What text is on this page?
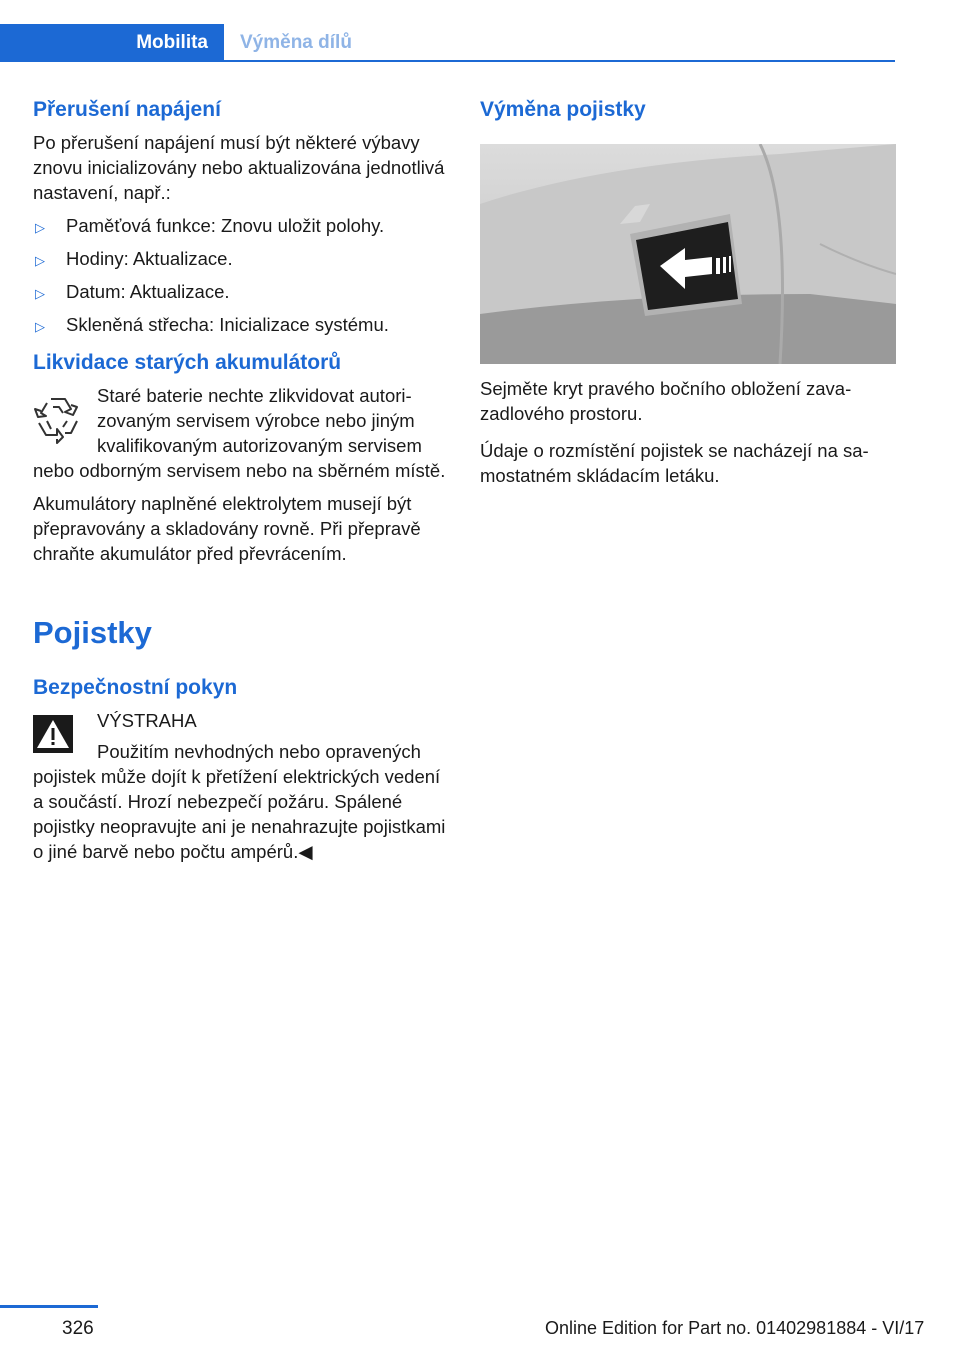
Mobilita	Výměna dílů
Přerušení napájení

Po přerušení napájení musí být některé výbavy znovu inicializovány nebo aktualizována jednotlivá nastavení, např.:

▷ Paměťová funkce: Znovu uložit polohy.
▷ Hodiny: Aktualizace.
▷ Datum: Aktualizace.
▷ Skleněná střecha: Inicializace systému.
Likvidace starých akumulátorů

Staré baterie nechte zlikvidovat autorizovaným servisem výrobce nebo jiným kvalifikovaným autorizovaným servisem nebo odborným servisem nebo na sběrném místě.

Akumulátory naplněné elektrolytem musejí být přepravovány a skladovány rovně. Při přepravě chraňte akumulátor před převrácením.

Pojistky
Bezpečnostní pokyn

VÝSTRAHA

Použitím nevhodných nebo opravených pojistek může dojít k přetížení elektrických vedení a součástí. Hrozí nebezpečí požáru. Spálené pojistky neopravujte ani je nenahrazujte pojistkami o jiné barvě nebo počtu ampérů.◀

Výměna pojistky

Sejměte kryt pravého bočního obložení zavazadlového prostoru.

Údaje o rozmístění pojistek se nacházejí na samostatném skládacím letáku.

326	Online Edition for Part no. 01402981884 - VI/17
